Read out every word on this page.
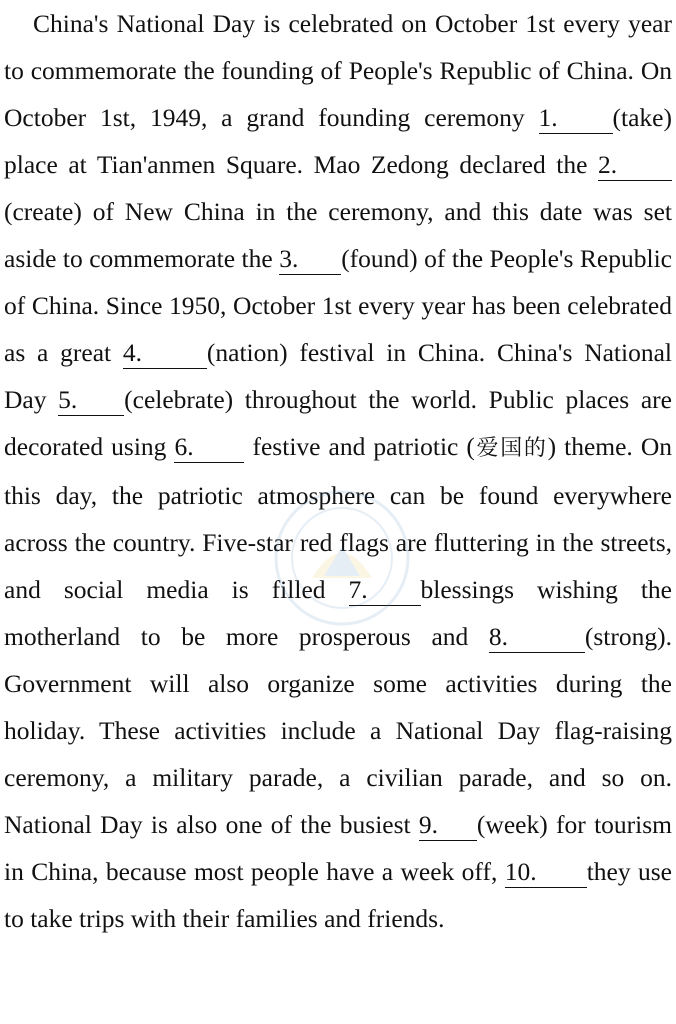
China's National Day is celebrated on October 1st every year to commemorate the founding of People's Republic of China. On October 1st, 1949, a grand founding ceremony 1. (take) place at Tian'anmen Square. Mao Zedong declared the 2.(create) of New China in the ceremony, and this date was set aside to commemorate the 3. (found) of the People's Republic of China. Since 1950, October 1st every year has been celebrated as a great 4.	(nation) festival in China. China's National Day 5. (celebrate) throughout the world. Public places are decorated using 6. festive and patriotic (爱国的) theme. On this day, the patriotic atmosphere can be found everywhere across the country. Five-star red flags are fluttering in the streets, and social media is filled 7. blessings wishing the motherland to be more prosperous and 8.	(strong). Government will also organize some activities during the holiday. These activities include a National Day flag-raising ceremony, a military parade, a civilian parade, and so on. National Day is also one of the busiest 9. (week) for tourism in China, because most people have a week off, 10. they use to take trips with their families and friends.
